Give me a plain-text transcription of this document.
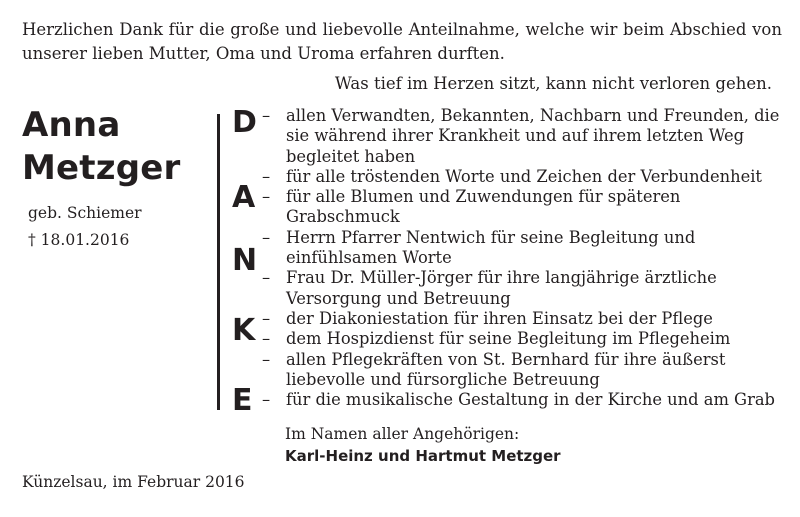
Herzlichen Dank für die große und liebevolle Anteilnahme, welche wir beim Abschied von unserer lieben Mutter, Oma und Uroma erfahren durften.
Was tief im Herzen sitzt, kann nicht verloren gehen.
Anna
Metzger
geb. Schiemer
† 18.01.2016
D
A
N
K
E
– allen Verwandten, Bekannten, Nachbarn und Freunden, die sie während ihrer Krankheit und auf ihrem letzten Weg begleitet haben
– für alle tröstenden Worte und Zeichen der Verbundenheit
– für alle Blumen und Zuwendungen für späteren Grabschmuck
– Herrn Pfarrer Nentwich für seine Begleitung und einfühlsamen Worte
– Frau Dr. Müller-Jörger für ihre langjährige ärztliche Versorgung und Betreuung
– der Diakoniestation für ihren Einsatz bei der Pflege
– dem Hospizdienst für seine Begleitung im Pflegeheim
– allen Pflegekräften von St. Bernhard für ihre äußerst liebevolle und fürsorgliche Betreuung
– für die musikalische Gestaltung in der Kirche und am Grab
Im Namen aller Angehörigen:
Karl-Heinz und Hartmut Metzger
Künzelsau, im Februar 2016
